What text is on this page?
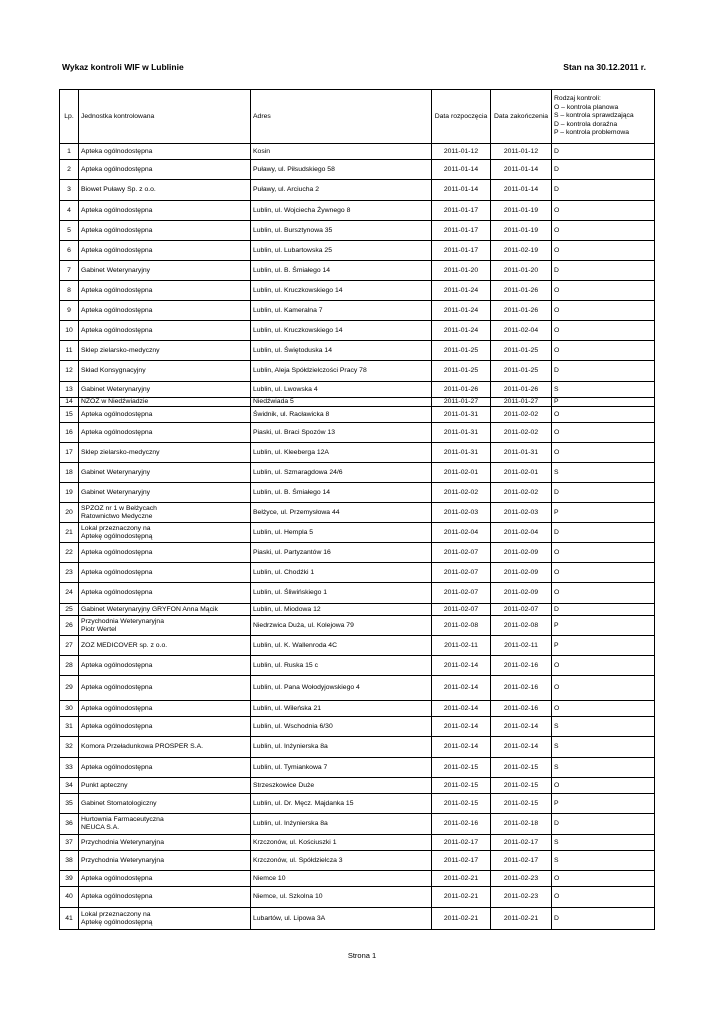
Wykaz kontroli WIF w Lublinie	Stan na 30.12.2011 r.
Lp.	Jednostka kontrolowana	Adres	Data rozpoczęcia	Data zakończenia	Rodzaj kontroli:
O – kontrola planowa
S – kontrola sprawdzająca
D – kontrola doraźna
P – kontrola problemowa

1	Apteka ogólnodostępna	Kosin	2011-01-12	2011-01-12	D
2	Apteka ogólnodostępna	Puławy, ul. Piłsudskiego 58	2011-01-14	2011-01-14	D
3	Biowet Puławy Sp. z o.o.	Puławy, ul. Arciucha 2	2011-01-14	2011-01-14	D
4	Apteka ogólnodostępna	Lublin, ul. Wojciecha Żywnego 8	2011-01-17	2011-01-19	O
5	Apteka ogólnodostępna	Lublin, ul. Bursztynowa 35	2011-01-17	2011-01-19	O
6	Apteka ogólnodostępna	Lublin, ul. Lubartowska 25	2011-01-17	2011-02-19	O
7	Gabinet Weterynaryjny	Lublin, ul. B. Śmiałego 14	2011-01-20	2011-01-20	D
8	Apteka ogólnodostępna	Lublin, ul. Kruczkowskiego 14	2011-01-24	2011-01-26	O
9	Apteka ogólnodostępna	Lublin, ul. Kameralna 7	2011-01-24	2011-01-26	O
10	Apteka ogólnodostępna	Lublin, ul. Kruczkowskiego 14	2011-01-24	2011-02-04	O
11	Sklep zielarsko-medyczny	Lublin, ul. Świętoduska 14	2011-01-25	2011-01-25	O
12	Skład Konsygnacyjny	Lublin, Aleja Spółdzielczości Pracy 78	2011-01-25	2011-01-25	D
13	Gabinet Weterynaryjny	Lublin, ul. Lwowska 4	2011-01-26	2011-01-26	S
14	NZOZ w Niedźwiadzie	Niedźwiada 5	2011-01-27	2011-01-27	P
15	Apteka ogólnodostępna	Świdnik, ul. Racławicka 8	2011-01-31	2011-02-02	O
16	Apteka ogólnodostępna	Piaski, ul. Braci Spozów 13	2011-01-31	2011-02-02	O
17	Sklep zielarsko-medyczny	Lublin, ul. Kleeberga 12A	2011-01-31	2011-01-31	O
18	Gabinet Weterynaryjny	Lublin, ul. Szmaragdowa 24/6	2011-02-01	2011-02-01	S
19	Gabinet Weterynaryjny	Lublin, ul. B. Śmiałego 14	2011-02-02	2011-02-02	D
20	SPZOZ nr 1 w Bełżycach
Ratownictwo Medyczne	Bełżyce, ul. Przemysłowa 44	2011-02-03	2011-02-03	P
21	Lokal przeznaczony na
Aptekę ogólnodostępną	Lublin, ul. Hempla 5	2011-02-04	2011-02-04	D
22	Apteka ogólnodostępna	Piaski, ul. Partyzantów 16	2011-02-07	2011-02-09	O
23	Apteka ogólnodostępna	Lublin, ul. Chodźki 1	2011-02-07	2011-02-09	O
24	Apteka ogólnodostępna	Lublin, ul. Śliwińskiego 1	2011-02-07	2011-02-09	O
25	Gabinet Weterynaryjny GRYFON Anna Mącik	Lublin, ul. Miodowa 12	2011-02-07	2011-02-07	D
26	Przychodnia Weterynaryjna
Piotr Wertel	Niedrzwica Duża, ul. Kolejowa 79	2011-02-08	2011-02-08	P
27	ZOZ MEDICOVER sp. z o.o.	Lublin, ul. K. Wallenroda 4C	2011-02-11	2011-02-11	P
28	Apteka ogólnodostępna	Lublin, ul. Ruska 15 c	2011-02-14	2011-02-16	O
29	Apteka ogólnodostępna	Lublin, ul. Pana Wołodyjowskiego 4	2011-02-14	2011-02-16	O
30	Apteka ogólnodostępna	Lublin, ul. Wileńska 21	2011-02-14	2011-02-16	O
31	Apteka ogólnodostępna	Lublin, ul. Wschodnia 6/30	2011-02-14	2011-02-14	S
32	Komora Przeładunkowa PROSPER S.A.	Lublin, ul. Inżynierska 8a	2011-02-14	2011-02-14	S
33	Apteka ogólnodostępna	Lublin, ul. Tymiankowa 7	2011-02-15	2011-02-15	S
34	Punkt apteczny	Strzeszkowice Duże	2011-02-15	2011-02-15	O
35	Gabinet Stomatologiczny	Lublin, ul. Dr. Męcz. Majdanka 15	2011-02-15	2011-02-15	P
36	Hurtownia Farmaceutyczna
NEUCA S.A.	Lublin, ul. Inżynierska 8a	2011-02-16	2011-02-18	D
37	Przychodnia Weterynaryjna	Krzczonów, ul. Kościuszki 1	2011-02-17	2011-02-17	S
38	Przychodnia Weterynaryjna	Krzczonów, ul. Spółdzielcza 3	2011-02-17	2011-02-17	S
39	Apteka ogólnodostępna	Niemce 10	2011-02-21	2011-02-23	O
40	Apteka ogólnodostępna	Niemce, ul. Szkolna 10	2011-02-21	2011-02-23	O
41	Lokal przeznaczony na
Aptekę ogólnodostępną	Lubartów, ul. Lipowa 3A	2011-02-21	2011-02-21	D
Strona 1
